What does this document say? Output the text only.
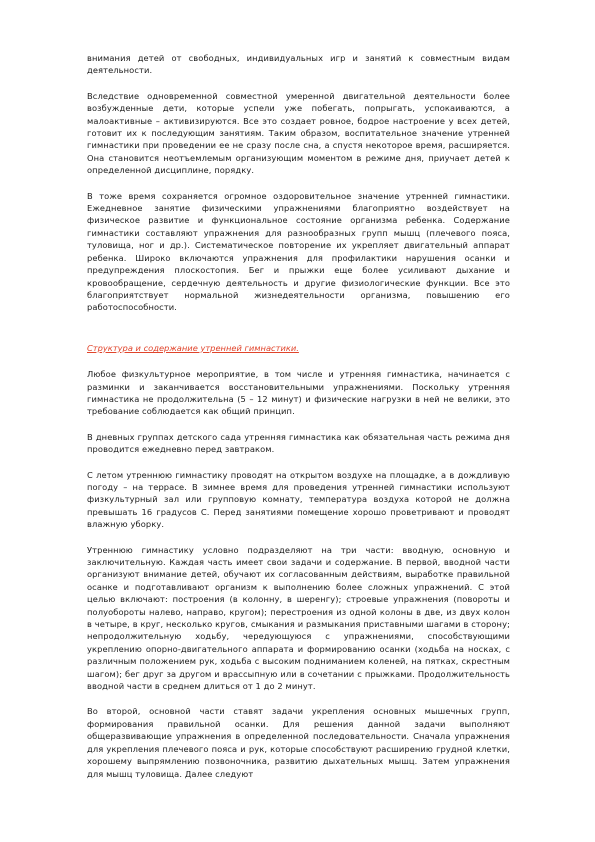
внимания детей от свободных, индивидуальных игр и занятий к совместным видам деятельности.

Вследствие одновременной совместной умеренной двигательной деятельности более возбужденные дети, которые успели уже побегать, попрыгать, успокаиваются, а малоактивные – активизируются. Все это создает ровное, бодрое настроение у всех детей, готовит их к последующим занятиям. Таким образом, воспитательное значение утренней гимнастики при проведении ее не сразу после сна, а спустя некоторое время, расширяется. Она становится неотъемлемым организующим моментом в режиме дня, приучает детей к определенной дисциплине, порядку.

В тоже время сохраняется огромное оздоровительное значение утренней гимнастики. Ежедневное занятие физическими упражнениями благоприятно воздействует на физическое развитие и функциональное состояние организма ребенка. Содержание гимнастики составляют упражнения для разнообразных групп мышц (плечевого пояса, туловища, ног и др.). Систематическое повторение их укрепляет двигательный аппарат ребенка. Широко включаются упражнения для профилактики нарушения осанки и предупреждения плоскостопия. Бег и прыжки еще более усиливают дыхание и кровообращение, сердечную деятельность и другие физиологические функции. Все это благоприятствует нормальной жизнедеятельности организма, повышению его работоспособности.

Структура и содержание утренней гимнастики.

Любое физкультурное мероприятие, в том числе и утренняя гимнастика, начинается с разминки и заканчивается восстановительными упражнениями. Поскольку утренняя гимнастика не продолжительна (5 – 12 минут) и физические нагрузки в ней не велики, это требование соблюдается как общий принцип.

В дневных группах детского сада утренняя гимнастика как обязательная часть режима дня проводится ежедневно перед завтраком.

С летом утреннюю гимнастику проводят на открытом воздухе на площадке, а в дождливую погоду – на террасе. В зимнее время для проведения утренней гимнастики используют физкультурный зал или групповую комнату, температура воздуха которой не должна превышать 16 градусов С. Перед занятиями помещение хорошо проветривают и проводят влажную уборку.

Утреннюю гимнастику условно подразделяют на три части: вводную, основную и заключительную. Каждая часть имеет свои задачи и содержание. В первой, вводной части организуют внимание детей, обучают их согласованным действиям, выработке правильной осанке и подготавливают организм к выполнению более сложных упражнений. С этой целью включают: построения (в колонну, в шеренгу); строевые упражнения (повороты и полуобороты налево, направо, кругом); перестроения из одной колоны в две, из двух колон в четыре, в круг, несколько кругов, смыкания и размыкания приставными шагами в сторону; непродолжительную ходьбу, чередующуюся с упражнениями, способствующими укреплению опорно-двигательного аппарата и формированию осанки (ходьба на носках, с различным положением рук, ходьба с высоким подниманием коленей, на пятках, скрестным шагом); бег друг за другом и врассыпную или в сочетании с прыжками. Продолжительность вводной части в среднем длиться от 1 до 2 минут.

Во второй, основной части ставят задачи укрепления основных мышечных групп, формирования правильной осанки. Для решения данной задачи выполняют общеразвивающие упражнения в определенной последовательности. Сначала упражнения для укрепления плечевого пояса и рук, которые способствуют расширению грудной клетки, хорошему выпрямлению позвоночника, развитию дыхательных мышц. Затем упражнения для мышц туловища. Далее следуют
